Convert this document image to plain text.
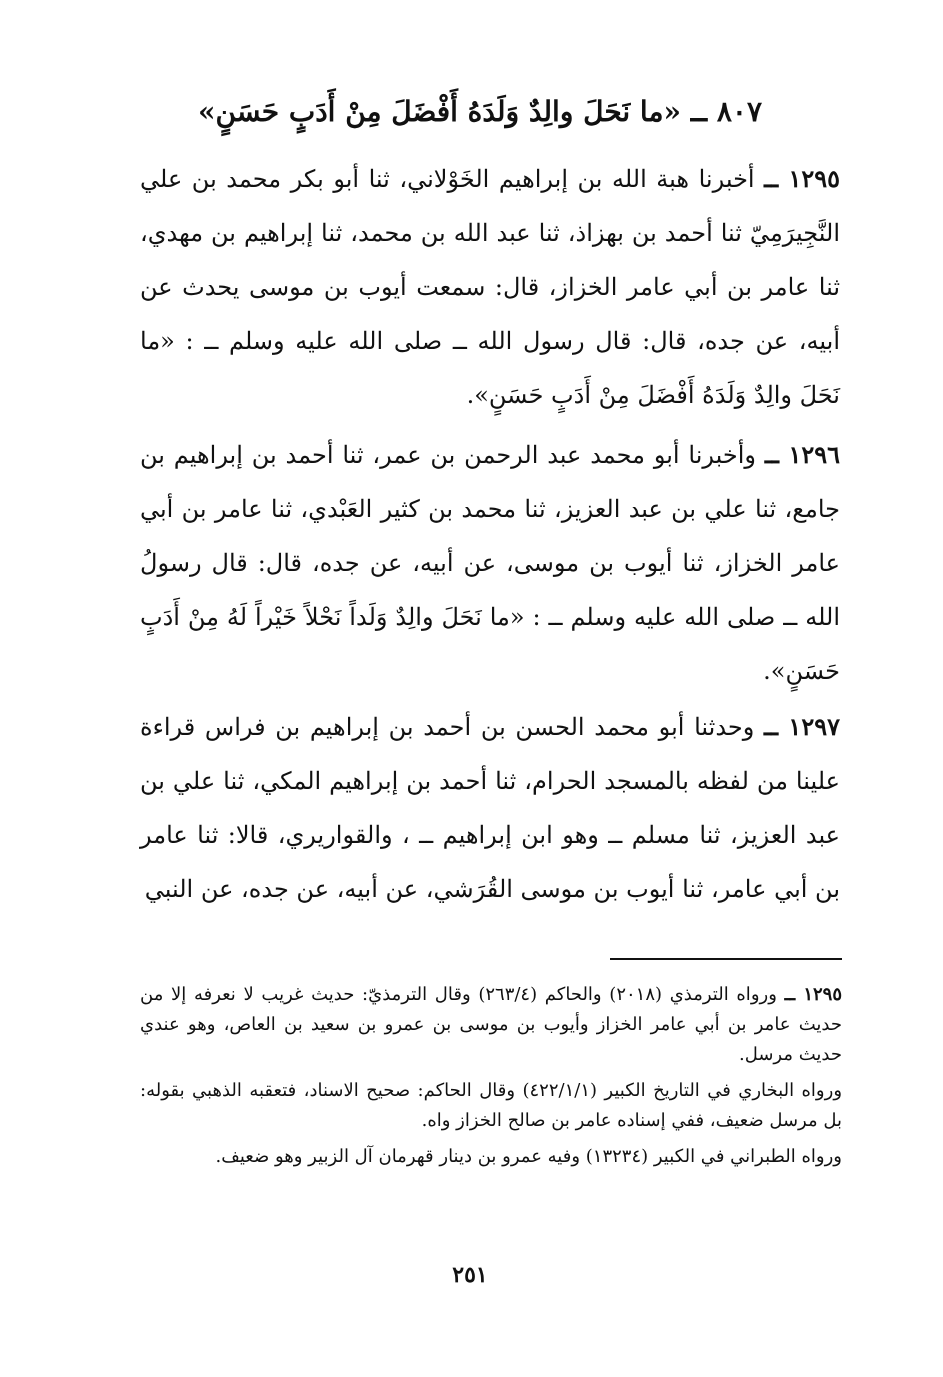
٨٠٧ ــ «ما نَحَلَ والِدٌ وَلَدَهُ أَفْضَلَ مِنْ أَدَبٍ حَسَنٍ»
١٢٩٥ ــ أخبرنا هبة الله بن إبراهيم الخَوْلاني، ثنا أبو بكر محمد بن علي النَّجِيرَمِيّ ثنا أحمد بن بهزاذ، ثنا عبد الله بن محمد، ثنا إبراهيم بن مهدي، ثنا عامر بن أبي عامر الخزاز، قال: سمعت أيوب بن موسى يحدث عن أبيه، عن جده، قال: قال رسول الله ــ صلى الله عليه وسلم ــ : «ما نَحَلَ والِدٌ وَلَدَهُ أَفْضَلَ مِنْ أَدَبٍ حَسَنٍ».
١٢٩٦ ــ وأخبرنا أبو محمد عبد الرحمن بن عمر، ثنا أحمد بن إبراهيم بن جامع، ثنا علي بن عبد العزيز، ثنا محمد بن كثير العَبْدي، ثنا عامر بن أبي عامر الخزاز، ثنا أيوب بن موسى، عن أبيه، عن جده، قال: قال رسولُ الله ــ صلى الله عليه وسلم ــ : «ما نَحَلَ والِدٌ وَلَداً نَحْلاً خَيْراً لَهُ مِنْ أَدَبٍ حَسَنٍ».
١٢٩٧ ــ وحدثنا أبو محمد الحسن بن أحمد بن إبراهيم بن فراس قراءة علينا من لفظه بالمسجد الحرام، ثنا أحمد بن إبراهيم المكي، ثنا علي بن عبد العزيز، ثنا مسلم ــ وهو ابن إبراهيم ــ ، والقواريري، قالا: ثنا عامر بن أبي عامر، ثنا أيوب بن موسى القُرَشي، عن أبيه، عن جده، عن النبي

١٢٩٥ ــ ورواه الترمذي (٢٠١٨) والحاكم (٢٦٣/٤) وقال الترمذيّ: حديث غريب لا نعرفه إلا من حديث عامر بن أبي عامر الخزاز وأيوب بن موسى بن عمرو بن سعيد بن العاص، وهو عندي حديث مرسل.

ورواه البخاري في التاريخ الكبير (٤٢٢/١/١) وقال الحاكم: صحيح الاسناد، فتعقبه الذهبي بقوله: بل مرسل ضعيف، ففي إسناده عامر بن صالح الخزاز واه.

ورواه الطبراني في الكبير (١٣٢٣٤) وفيه عمرو بن دينار قهرمان آل الزبير وهو ضعيف.

٢٥١
